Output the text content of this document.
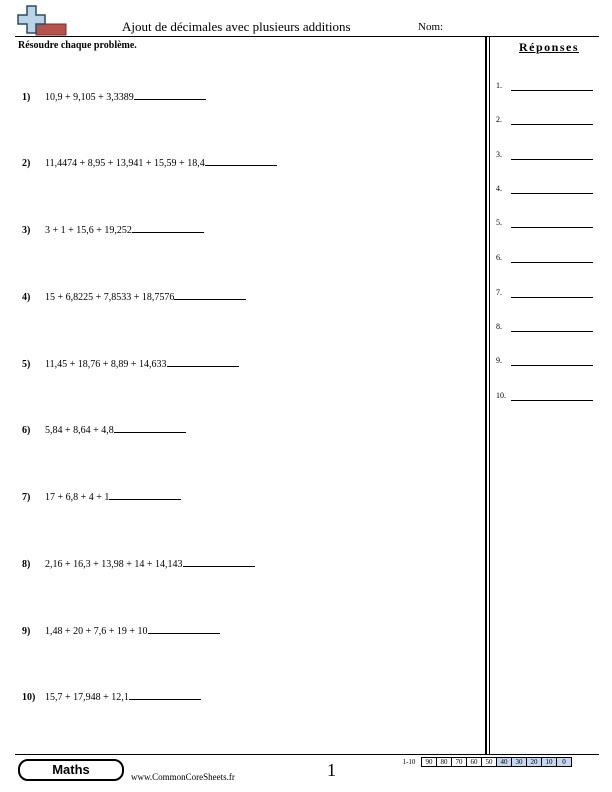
Ajout de décimales avec plusieurs additions	Nom:
Résoudre chaque problème.
1) 10,9 + 9,105 + 3,3389
2) 11,4474 + 8,95 + 13,941 + 15,59 + 18,4
3) 3 + 1 + 15,6 + 19,252
4) 15 + 6,8225 + 7,8533 + 18,7576
5) 11,45 + 18,76 + 8,89 + 14,633
6) 5,84 + 8,64 + 4,8
7) 17 + 6,8 + 4 + 1
8) 2,16 + 16,3 + 13,98 + 14 + 14,143
9) 1,48 + 20 + 7,6 + 19 + 10
10) 15,7 + 17,948 + 12,1
Réponses
1.
2.
3.
4.
5.
6.
7.
8.
9.
10.
Maths	www.CommonCoreSheets.fr	1	1-10	90	80	70	60	50	40	30	20	10	0
